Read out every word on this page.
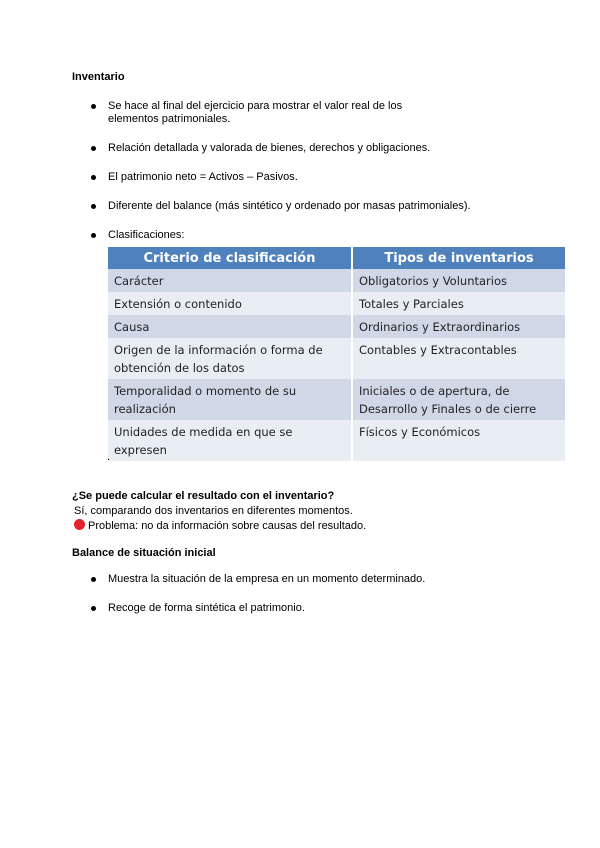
Inventario
Se hace al final del ejercicio para mostrar el valor real de los elementos patrimoniales.
Relación detallada y valorada de bienes, derechos y obligaciones.
El patrimonio neto = Activos – Pasivos.
Diferente del balance (más sintético y ordenado por masas patrimoniales).
Clasificaciones:
Criterio de clasificación	Tipos de inventarios
Carácter	Obligatorios y Voluntarios
Extensión o contenido	Totales y Parciales
Causa	Ordinarios y Extraordinarios
Origen de la información o forma de obtención de los datos	Contables y Extracontables
Temporalidad o momento de su realización	Iniciales o de apertura, de Desarrollo y Finales o de cierre
Unidades de medida en que se expresen	Físicos y Económicos
.
¿Se puede calcular el resultado con el inventario?
Sí, comparando dos inventarios en diferentes momentos.
Problema: no da información sobre causas del resultado.
Balance de situación inicial
Muestra la situación de la empresa en un momento determinado.
Recoge de forma sintética el patrimonio.
